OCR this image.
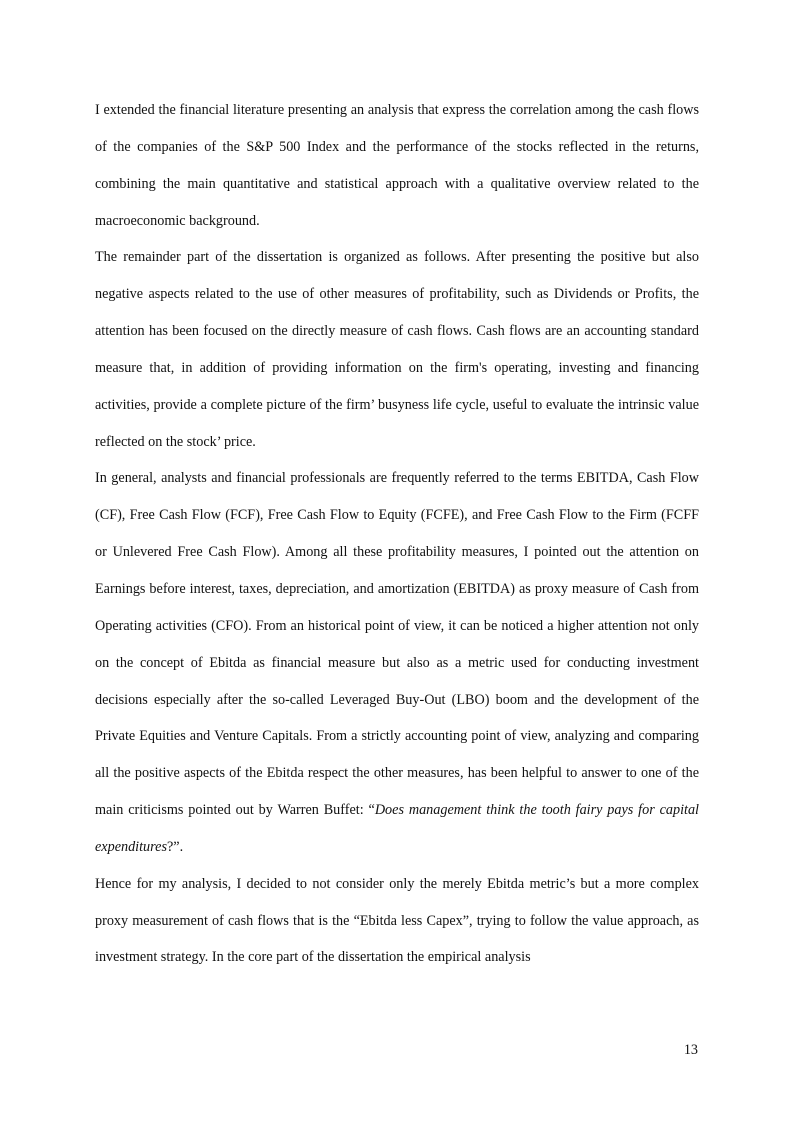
I extended the financial literature presenting an analysis that express the correlation among the cash flows of the companies of the S&P 500 Index and the performance of the stocks reflected in the returns, combining the main quantitative and statistical approach with a qualitative overview related to the macroeconomic background.

The remainder part of the dissertation is organized as follows. After presenting the positive but also negative aspects related to the use of other measures of profitability, such as Dividends or Profits, the attention has been focused on the directly measure of cash flows. Cash flows are an accounting standard measure that, in addition of providing information on the firm's operating, investing and financing activities, provide a complete picture of the firm’ busyness life cycle, useful to evaluate the intrinsic value reflected on the stock’ price.

In general, analysts and financial professionals are frequently referred to the terms EBITDA, Cash Flow (CF), Free Cash Flow (FCF), Free Cash Flow to Equity (FCFE), and Free Cash Flow to the Firm (FCFF or Unlevered Free Cash Flow). Among all these profitability measures, I pointed out the attention on Earnings before interest, taxes, depreciation, and amortization (EBITDA) as proxy measure of Cash from Operating activities (CFO). From an historical point of view, it can be noticed a higher attention not only on the concept of Ebitda as financial measure but also as a metric used for conducting investment decisions especially after the so-called Leveraged Buy-Out (LBO) boom and the development of the Private Equities and Venture Capitals. From a strictly accounting point of view, analyzing and comparing all the positive aspects of the Ebitda respect the other measures, has been helpful to answer to one of the main criticisms pointed out by Warren Buffet: “Does management think the tooth fairy pays for capital expenditures?”.

Hence for my analysis, I decided to not consider only the merely Ebitda metric’s but a more complex proxy measurement of cash flows that is the “Ebitda less Capex”, trying to follow the value approach, as investment strategy. In the core part of the dissertation the empirical analysis

13
